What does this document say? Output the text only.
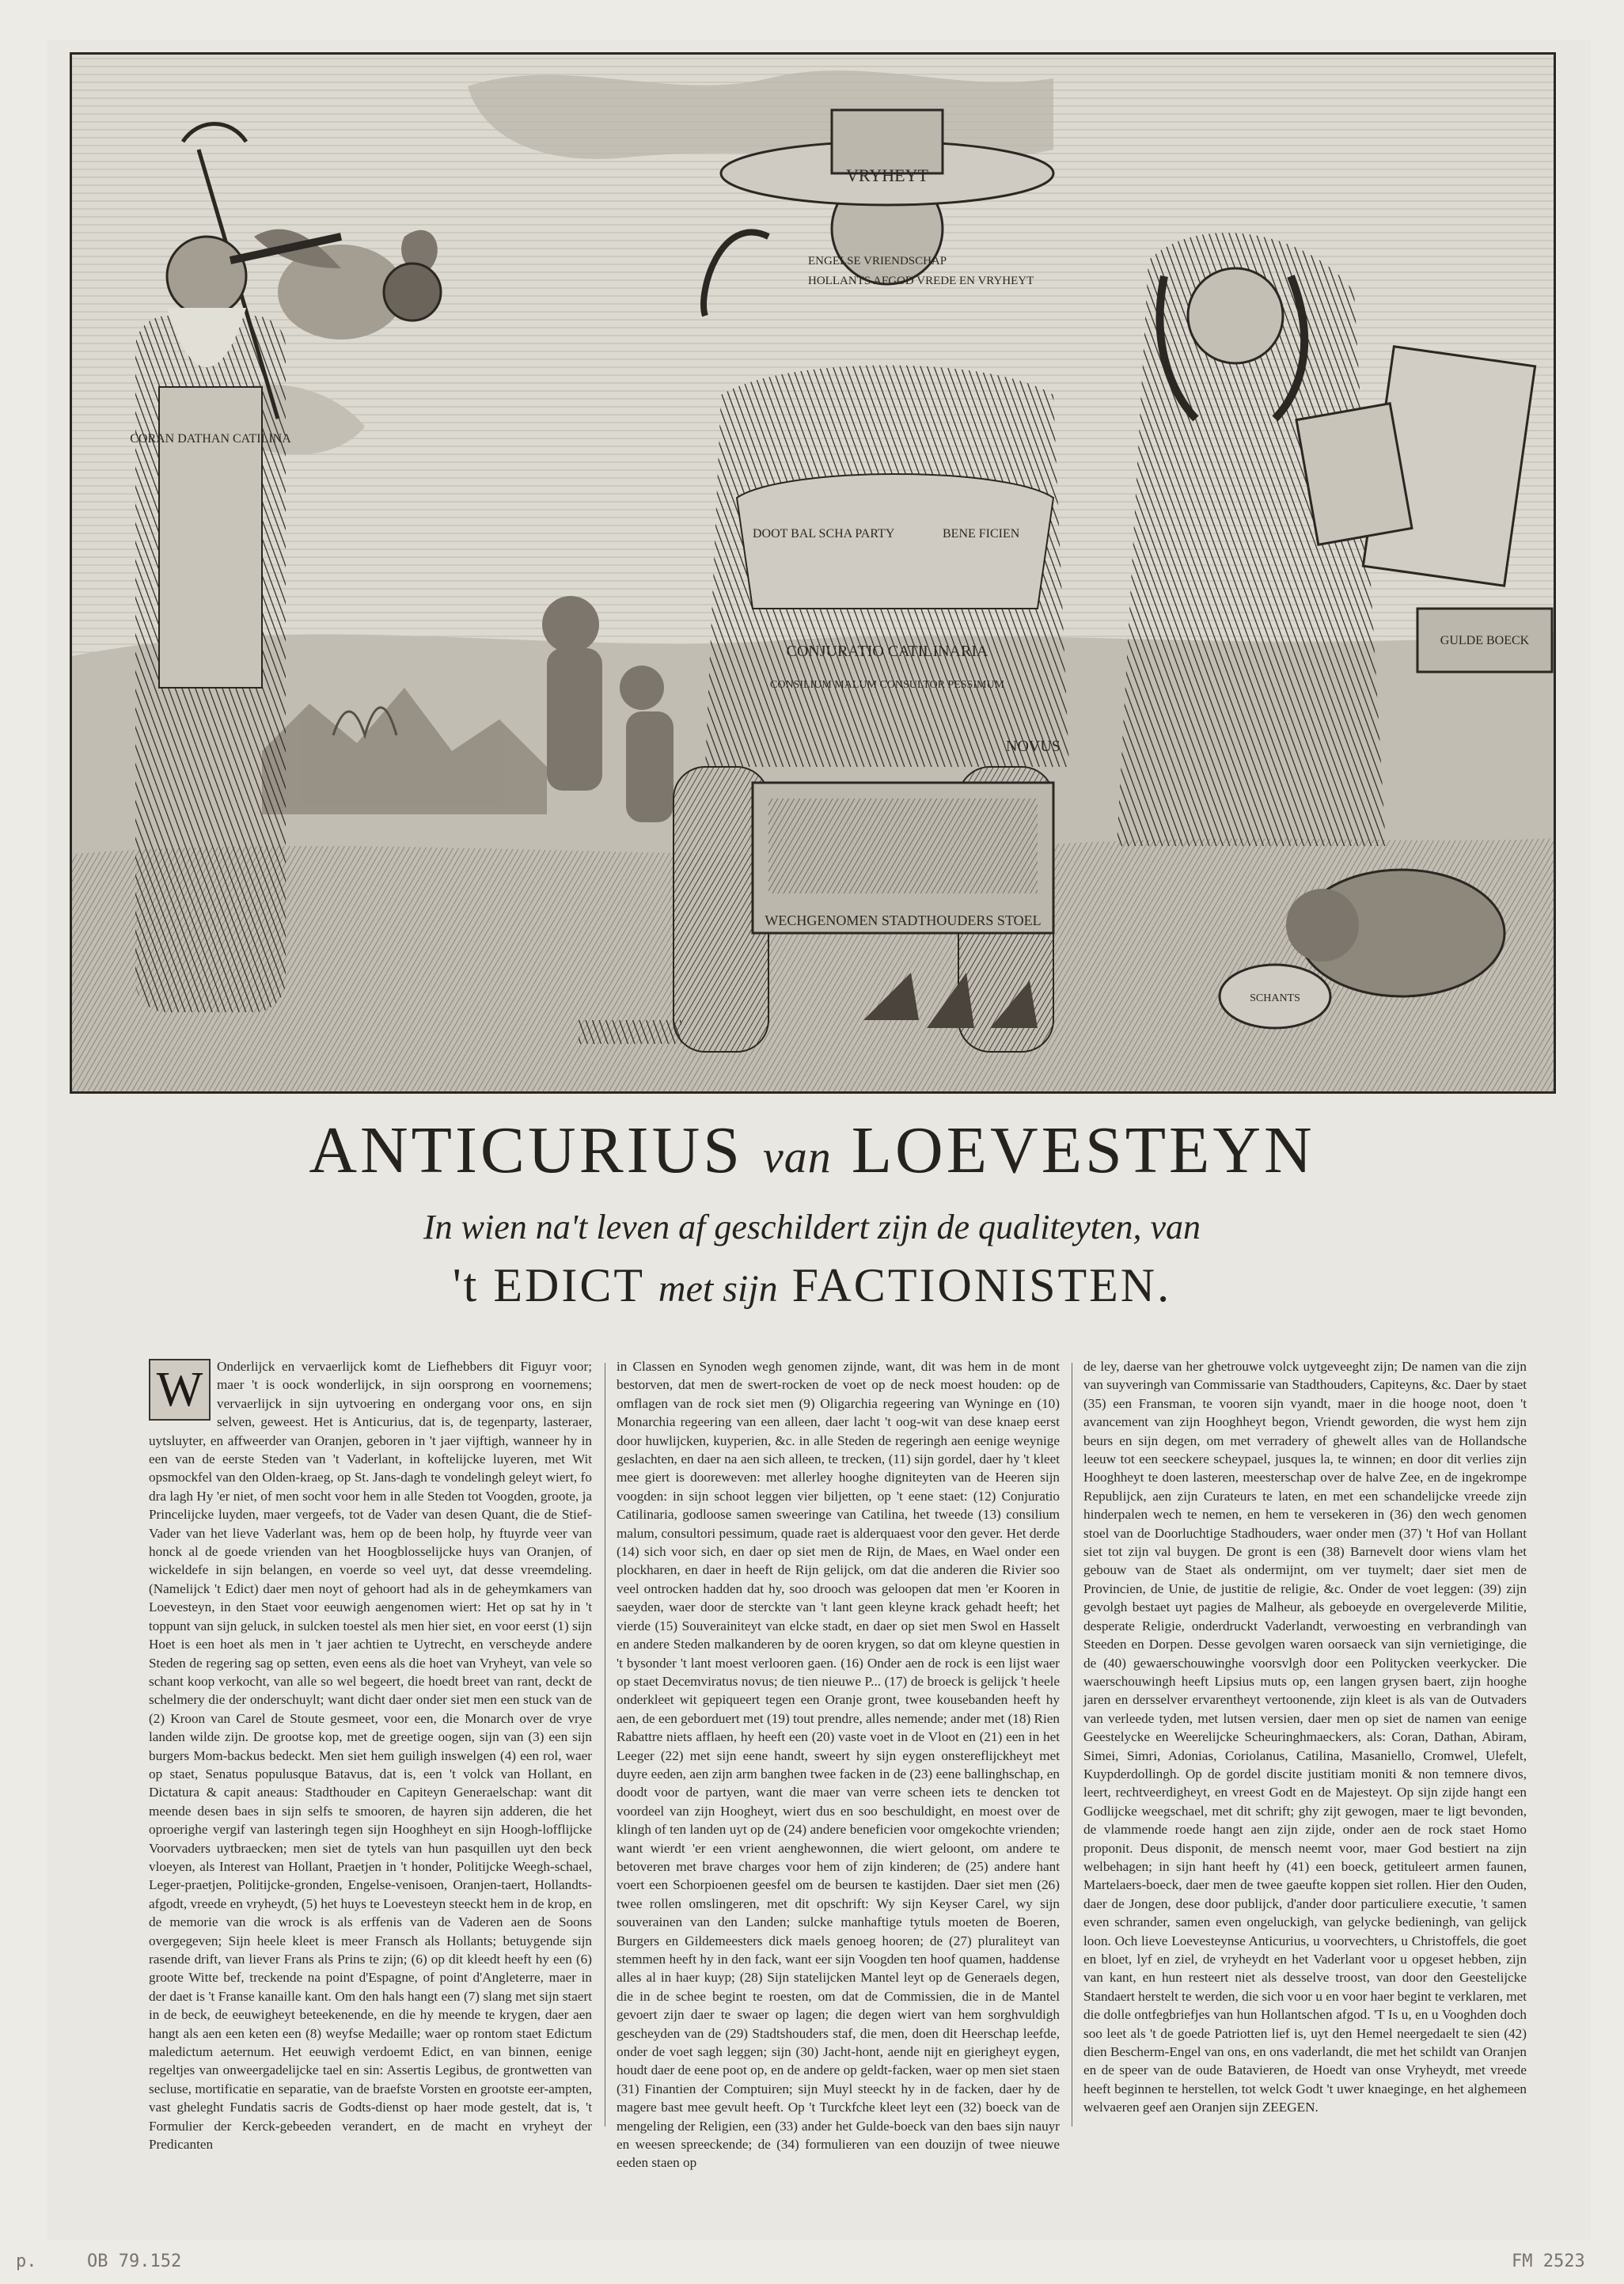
CORAN DATHAN CATILINA
VRYHEYT
ENGELSE VRIENDSCHAP
HOLLANTS AFGOD VREDE EN VRYHEYT
DOOT BAL SCHA PARTY	BENE FICIEN
CONJURATIO CATILINARIA
CONSILIUM MALUM CONSULTOR PESSIMUM
NOVUS
WECHGENOMEN STADTHOUDERS STOEL
GULDE BOECK
SCHANTS
ANTICURIUS van LOEVESTEYN
In wien na't leven af geschildert zijn de qualiteyten, van
't EDICT met sijn FACTIONISTEN.
W	Onderlijck en vervaerlijck komt de Liefhebbers dit Figuyr voor; maer 't is oock wonderlijck, in sijn oorsprong en voornemens; vervaerlijck in sijn uytvoering en ondergang voor ons, en sijn selven, geweest. Het is Anticurius, dat is, de tegenparty, lasteraer, uytsluyter, en affweerder van Oranjen, geboren in 't jaer vijftigh, wanneer hy in een van de eerste Steden van 't Vaderlant, in koftelijcke luyeren, met Wit opsmockfel van den Olden-kraeg, op St. Jans-dagh te vondelingh geleyt wiert, fo dra lagh Hy 'er niet, of men socht voor hem in alle Steden tot Voogden, groote, ja Princelijcke luyden, maer vergeefs, tot de Vader van desen Quant, die de Stief-Vader van het lieve Vaderlant was, hem op de been holp, hy ftuyrde veer van honck al de goede vrienden van het Hoogblosselijcke huys van Oranjen, of wickeldefe in sijn belangen, en voerde so veel uyt, dat desse vreemdeling. (Namelijck 't Edict) daer men noyt of gehoort had als in de geheymkamers van Loevesteyn, in den Staet voor eeuwigh aengenomen wiert: Het op sat hy in 't toppunt van sijn geluck, in sulcken toestel als men hier siet, en voor eerst (1) sijn Hoet is een hoet als men in 't jaer achtien te Uytrecht, en verscheyde andere Steden de regering sag op setten, even eens als die hoet van Vryheyt, van vele so schant koop verkocht, van alle so wel begeert, die hoedt breet van rant, deckt de schelmery die der onderschuylt; want dicht daer onder siet men een stuck van de (2) Kroon van Carel de Stoute gesmeet, voor een, die Monarch over de vrye landen wilde zijn. De grootse kop, met de greetige oogen, sijn van (3) een sijn burgers Mom-backus bedeckt. Men siet hem guiligh inswelgen (4) een rol, waer op staet, Senatus populusque Batavus, dat is, een 't volck van Hollant, en Dictatura & capit aneaus: Stadthouder en Capiteyn Generaelschap: want dit meende desen baes in sijn selfs te smooren, de hayren sijn adderen, die het oproerighe vergif van lasteringh tegen sijn Hooghheyt en sijn Hoogh-lofflijcke Voorvaders uytbraecken; men siet de tytels van hun pasquillen uyt den beck vloeyen, als Interest van Hollant, Praetjen in 't honder, Politijcke Weegh-schael, Leger-praetjen, Politijcke-gronden, Engelse-venisoen, Oranjen-taert, Hollandts-afgodt, vreede en vryheydt, (5) het huys te Loevesteyn steeckt hem in de krop, en de memorie van die wrock is als erffenis van de Vaderen aen de Soons overgegeven; Sijn heele kleet is meer Fransch als Hollants; betuygende sijn rasende drift, van liever Frans als Prins te zijn; (6) op dit kleedt heeft hy een (6) groote Witte bef, treckende na point d'Espagne, of point d'Angleterre, maer in der daet is 't Franse kanaille kant. Om den hals hangt een (7) slang met sijn staert in de beck, de eeuwigheyt beteekenende, en die hy meende te krygen, daer aen hangt als aen een keten een (8) weyfse Medaille; waer op rontom staet Edictum maledictum aeternum. Het eeuwigh verdoemt Edict, en van binnen, eenige regeltjes van onweergadelijcke tael en sin: Assertis Legibus, de grontwetten van secluse, mortificatie en separatie, van de braefste Vorsten en grootste eer-ampten, vast gheleght Fundatis sacris de Godts-dienst op haer mode gestelt, dat is, 't Formulier der Kerck-gebeeden verandert, en de macht en vryheyt der Predicanten
in Classen en Synoden wegh genomen zijnde, want, dit was hem in de mont bestorven, dat men de swert-rocken de voet op de neck moest houden: op de omflagen van de rock siet men (9) Oligarchia regeering van Wyninge en (10) Monarchia regeering van een alleen, daer lacht 't oog-wit van dese knaep eerst door huwlijcken, kuyperien, &c. in alle Steden de regeringh aen eenige weynige geslachten, en daer na aen sich alleen, te trecken, (11) sijn gordel, daer hy 't kleet mee giert is dooreweven: met allerley hooghe digniteyten van de Heeren sijn voogden: in sijn schoot leggen vier biljetten, op 't eene staet: (12) Conjuratio Catilinaria, godloose samen sweeringe van Catilina, het tweede (13) consilium malum, consultori pessimum, quade raet is alderquaest voor den gever. Het derde (14) sich voor sich, en daer op siet men de Rijn, de Maes, en Wael onder een plockharen, en daer in heeft de Rijn gelijck, om dat die anderen die Rivier soo veel ontrocken hadden dat hy, soo drooch was geloopen dat men 'er Kooren in saeyden, waer door de sterckte van 't lant geen kleyne krack gehadt heeft; het vierde (15) Souverainiteyt van elcke stadt, en daer op siet men Swol en Hasselt en andere Steden malkanderen by de ooren krygen, so dat om kleyne questien in 't bysonder 't lant moest verlooren gaen. (16) Onder aen de rock is een lijst waer op staet Decemviratus novus; de tien nieuwe P... (17) de broeck is gelijck 't heele onderkleet wit gepiqueert tegen een Oranje gront, twee kousebanden heeft hy aen, de een geborduert met (19) tout prendre, alles nemende; ander met (18) Rien Rabattre niets afflaen, hy heeft een (20) vaste voet in de Vloot en (21) een in het Leeger (22) met sijn eene handt, sweert hy sijn eygen onstereflijckheyt met duyre eeden, aen zijn arm banghen twee facken in de (23) eene ballinghschap, en doodt voor de partyen, want die maer van verre scheen iets te dencken tot voordeel van zijn Hoogheyt, wiert dus en soo beschuldight, en moest over de klingh of ten landen uyt op de (24) andere beneficien voor omgekochte vrienden; want wierdt 'er een vrient aenghewonnen, die wiert geloont, om andere te betoveren met brave charges voor hem of zijn kinderen; de (25) andere hant voert een Schorpioenen geesfel om de beursen te kastijden. Daer siet men (26) twee rollen omslingeren, met dit opschrift: Wy sijn Keyser Carel, wy sijn souverainen van den Landen; sulcke manhaftige tytuls moeten de Boeren, Burgers en Gildemeesters dick maels genoeg hooren; de (27) pluraliteyt van stemmen heeft hy in den fack, want eer sijn Voogden ten hoof quamen, haddense alles al in haer kuyp; (28) Sijn statelijcken Mantel leyt op de Generaels degen, die in de schee begint te roesten, om dat de Commissien, die in de Mantel gevoert zijn daer te swaer op lagen; die degen wiert van hem sorghvuldigh gescheyden van de (29) Stadtshouders staf, die men, doen dit Heerschap leefde, onder de voet sagh leggen; sijn (30) Jacht-hont, aende nijt en gierigheyt eygen, houdt daer de eene poot op, en de andere op geldt-facken, waer op men siet staen (31) Finantien der Comptuiren; sijn Muyl steeckt hy in de facken, daer hy de magere bast mee gevult heeft. Op 't Turckfche kleet leyt een (32) boeck van de mengeling der Religien, een (33) ander het Gulde-boeck van den baes sijn nauyr en weesen spreeckende; de (34) formulieren van een douzijn of twee nieuwe eeden staen op
de ley, daerse van her ghetrouwe volck uytgeveeght zijn; De namen van die zijn van suyveringh van Commissarie van Stadthouders, Capiteyns, &c. Daer by staet (35) een Fransman, te vooren sijn vyandt, maer in die hooge noot, doen 't avancement van zijn Hooghheyt begon, Vriendt geworden, die wyst hem zijn beurs en sijn degen, om met verradery of ghewelt alles van de Hollandsche leeuw tot een seeckere scheypael, jusques la, te winnen; en door dit verlies zijn Hooghheyt te doen lasteren, meesterschap over de halve Zee, en de ingekrompe Republijck, aen zijn Curateurs te laten, en met een schandelijcke vreede zijn hinderpalen wech te nemen, en hem te versekeren in (36) den wech genomen stoel van de Doorluchtige Stadhouders, waer onder men (37) 't Hof van Hollant siet tot zijn val buygen. De gront is een (38) Barnevelt door wiens vlam het gebouw van de Staet als ondermijnt, om ver tuymelt; daer siet men de Provincien, de Unie, de justitie de religie, &c. Onder de voet leggen: (39) zijn gevolgh bestaet uyt pagies de Malheur, als geboeyde en overgeleverde Militie, desperate Religie, onderdruckt Vaderlandt, verwoesting en verbrandingh van Steeden en Dorpen. Desse gevolgen waren oorsaeck van sijn vernietiginge, die de (40) gewaerschouwinghe voorsvlgh door een Politycken veerkycker. Die waerschouwingh heeft Lipsius muts op, een langen grysen baert, zijn hooghe jaren en dersselver ervarentheyt vertoonende, zijn kleet is als van de Outvaders van verleede tyden, met lutsen versien, daer men op siet de namen van eenige Geestelycke en Weerelijcke Scheuringhmaeckers, als: Coran, Dathan, Abiram, Simei, Simri, Adonias, Coriolanus, Catilina, Masaniello, Cromwel, Ulefelt, Kuypderdollingh. Op de gordel discite justitiam moniti & non temnere divos, leert, rechtveerdigheyt, en vreest Godt en de Majesteyt. Op sijn zijde hangt een Godlijcke weegschael, met dit schrift; ghy zijt gewogen, maer te ligt bevonden, de vlammende roede hangt aen zijn zijde, onder aen de rock staet Homo proponit. Deus disponit, de mensch neemt voor, maer God bestiert na zijn welbehagen; in sijn hant heeft hy (41) een boeck, getituleert armen faunen, Martelaers-boeck, daer men de twee gaeufte koppen siet rollen. Hier den Ouden, daer de Jongen, dese door publijck, d'ander door particuliere executie, 't samen even schrander, samen even ongeluckigh, van gelycke bedieningh, van gelijck loon. Och lieve Loevesteynse Anticurius, u voorvechters, u Christoffels, die goet en bloet, lyf en ziel, de vryheydt en het Vaderlant voor u opgeset hebben, zijn van kant, en hun resteert niet als desselve troost, van door den Geestelijcke Standaert herstelt te werden, die sich voor u en voor haer begint te verklaren, met die dolle ontfegbriefjes van hun Hollantschen afgod. 'T Is u, en u Vooghden doch soo leet als 't de goede Patriotten lief is, uyt den Hemel neergedaelt te sien (42) dien Bescherm-Engel van ons, en ons vaderlandt, die met het schildt van Oranjen en de speer van de oude Batavieren, de Hoedt van onse Vryheydt, met vreede heeft beginnen te herstellen, tot welck Godt 't uwer knaeginge, en het alghemeen welvaeren geef aen Oranjen sijn ZEEGEN.
p.	OB 79.152	FM 2523
